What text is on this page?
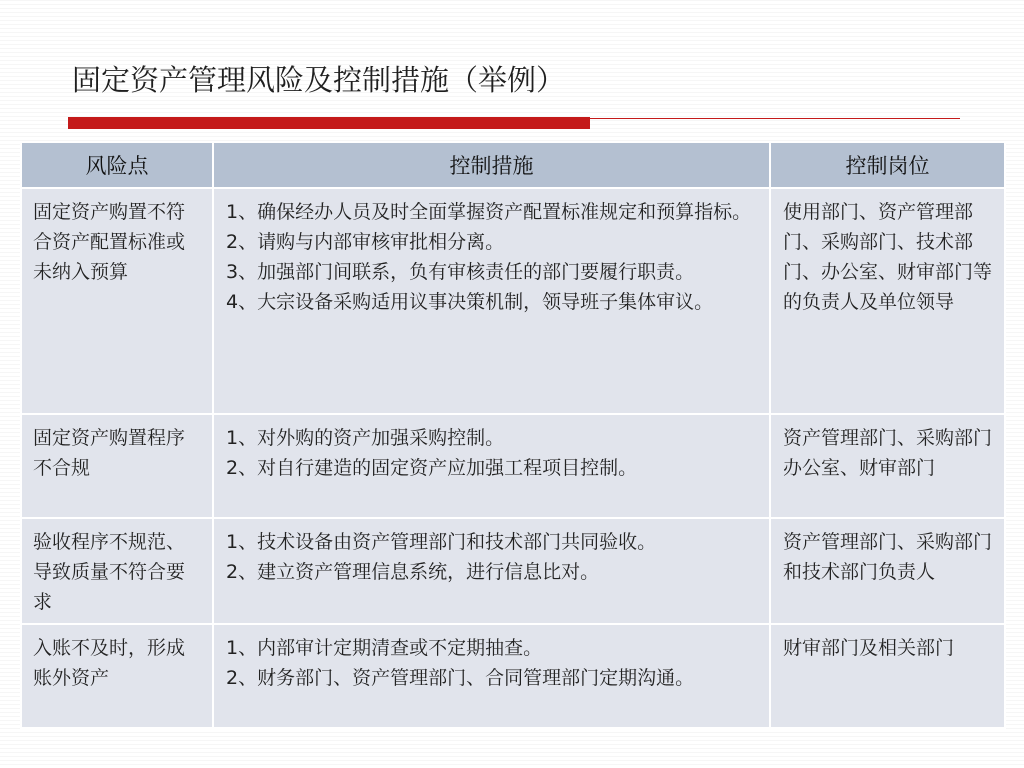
固定资产管理风险及控制措施（举例）
风险点	控制措施	控制岗位
固定资产购置不符合资产配置标准或未纳入预算	1、确保经办人员及时全面掌握资产配置标准规定和预算指标。
2、请购与内部审核审批相分离。
3、加强部门间联系，负有审核责任的部门要履行职责。
4、大宗设备采购适用议事决策机制，领导班子集体审议。	使用部门、资产管理部门、采购部门、技术部门、办公室、财审部门等的负责人及单位领导
固定资产购置程序不合规	1、对外购的资产加强采购控制。
2、对自行建造的固定资产应加强工程项目控制。	资产管理部门、采购部门办公室、财审部门
验收程序不规范、导致质量不符合要求	1、技术设备由资产管理部门和技术部门共同验收。
2、建立资产管理信息系统，进行信息比对。	资产管理部门、采购部门和技术部门负责人
入账不及时，形成账外资产	1、内部审计定期清查或不定期抽查。
2、财务部门、资产管理部门、合同管理部门定期沟通。	财审部门及相关部门
